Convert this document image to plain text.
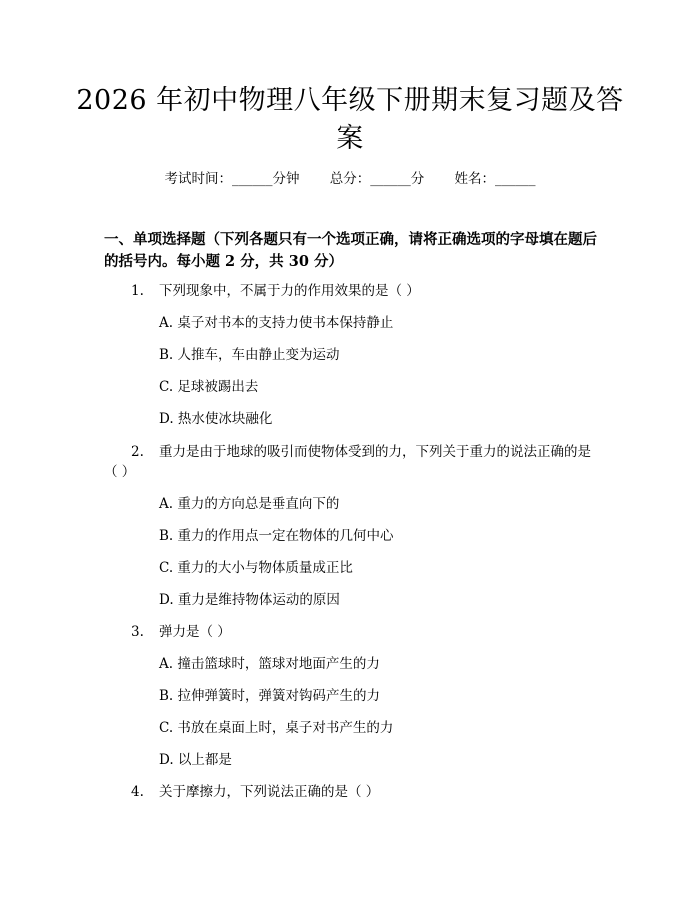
2026 年初中物理八年级下册期末复习题及答
案
考试时间：______分钟 总分：______分 姓名：______
一、单项选择题（下列各题只有一个选项正确，请将正确选项的字母填在题后的括号内。每小题 2 分，共 30 分）
1. 下列现象中，不属于力的作用效果的是（ ）
A. 桌子对书本的支持力使书本保持静止
B. 人推车，车由静止变为运动
C. 足球被踢出去
D. 热水使冰块融化
2. 重力是由于地球的吸引而使物体受到的力，下列关于重力的说法正确的是
（ ）
A. 重力的方向总是垂直向下的
B. 重力的作用点一定在物体的几何中心
C. 重力的大小与物体质量成正比
D. 重力是维持物体运动的原因
3. 弹力是（ ）
A. 撞击篮球时，篮球对地面产生的力
B. 拉伸弹簧时，弹簧对钩码产生的力
C. 书放在桌面上时，桌子对书产生的力
D. 以上都是
4. 关于摩擦力，下列说法正确的是（ ）
